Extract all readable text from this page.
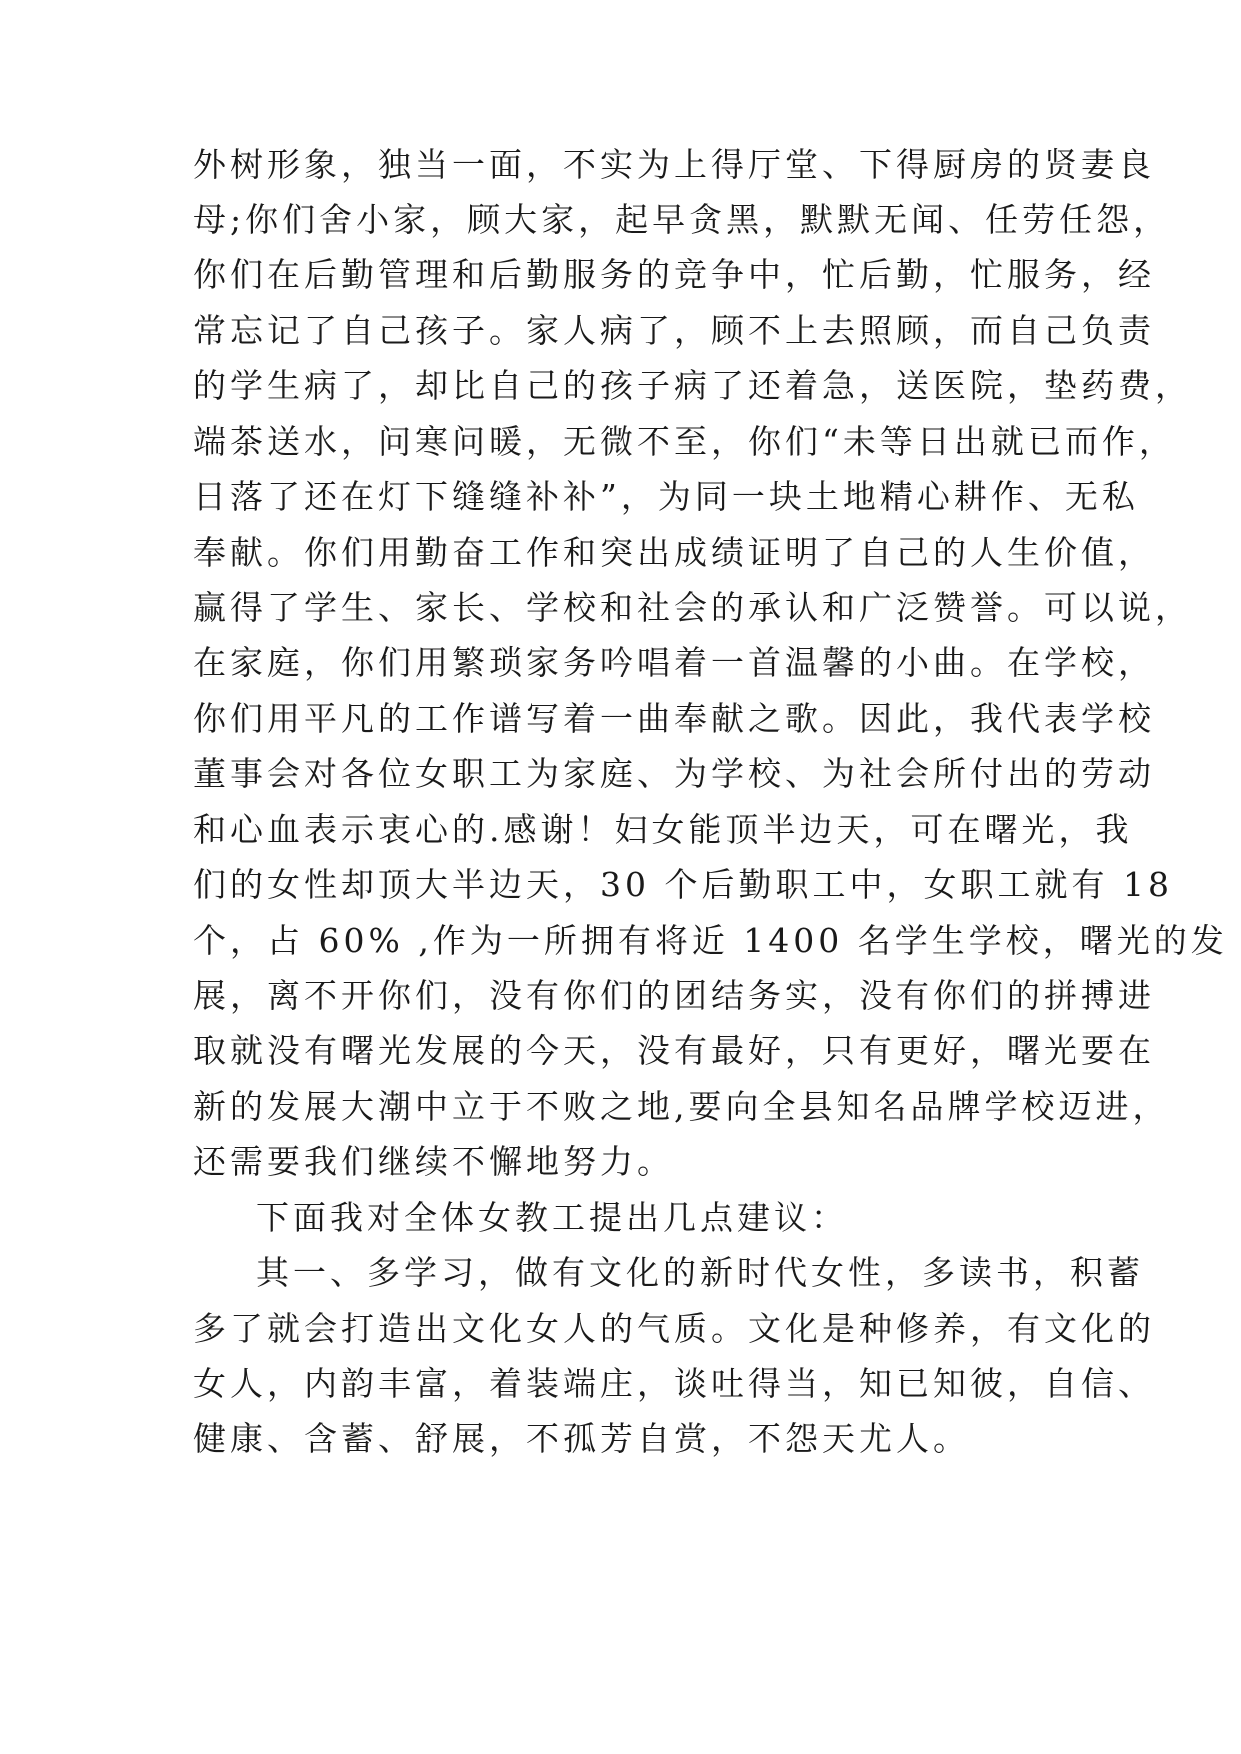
外树形象，独当一面，不实为上得厅堂、下得厨房的贤妻良

母;你们舍小家，顾大家，起早贪黑，默默无闻、任劳任怨，

你们在后勤管理和后勤服务的竞争中，忙后勤，忙服务，经

常忘记了自己孩子。家人病了，顾不上去照顾，而自己负责

的学生病了，却比自己的孩子病了还着急，送医院，垫药费，

端茶送水，问寒问暖，无微不至，你们“未等日出就已而作，

日落了还在灯下缝缝补补”，为同一块土地精心耕作、无私

奉献。你们用勤奋工作和突出成绩证明了自己的人生价值，

赢得了学生、家长、学校和社会的承认和广泛赞誉。可以说，

在家庭，你们用繁琐家务吟唱着一首温馨的小曲。在学校，

你们用平凡的工作谱写着一曲奉献之歌。因此，我代表学校

董事会对各位女职工为家庭、为学校、为社会所付出的劳动

和心血表示衷心的.感谢！妇女能顶半边天，可在曙光，我

们的女性却顶大半边天，30 个后勤职工中，女职工就有 18

个，占 60% ,作为一所拥有将近 1400 名学生学校，曙光的发

展，离不开你们，没有你们的团结务实，没有你们的拼搏进

取就没有曙光发展的今天，没有最好，只有更好，曙光要在

新的发展大潮中立于不败之地,要向全县知名品牌学校迈进，

还需要我们继续不懈地努力。

下面我对全体女教工提出几点建议：

其一、多学习，做有文化的新时代女性，多读书，积蓄

多了就会打造出文化女人的气质。文化是种修养，有文化的

女人，内韵丰富，着装端庄，谈吐得当，知已知彼，自信、

健康、含蓄、舒展，不孤芳自赏，不怨天尤人。
